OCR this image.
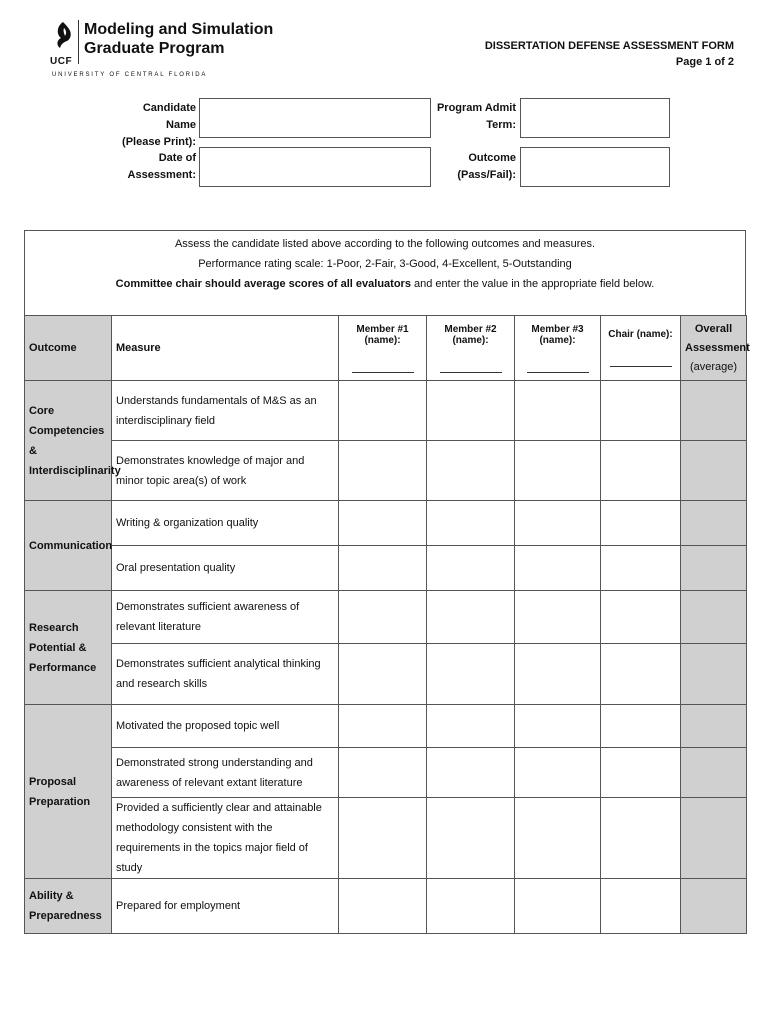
UCF
Modeling and Simulation
Graduate Program
UNIVERSITY OF CENTRAL FLORIDA
DISSERTATION DEFENSE ASSESSMENT FORM
Page 1 of 2
Candidate Name
(Please Print):
Program Admit
Term:
Date of
Assessment:
Outcome
(Pass/Fail):
Assess the candidate listed above according to the following outcomes and measures.
Performance rating scale: 1-Poor, 2-Fair, 3-Good, 4-Excellent, 5-Outstanding
Committee chair should average scores of all evaluators and enter the value in the appropriate field below.
Outcome	Measure	Member #1 (name):	Member #2 (name):	Member #3 (name):	Chair (name):	Overall
Assessment
(average)

Core Competencies & Interdisciplinarity	Understands fundamentals of M&S as an interdisciplinary field					
	Demonstrates knowledge of major and minor topic area(s) of work					
Communication	Writing & organization quality					
	Oral presentation quality					
Research Potential & Performance	Demonstrates sufficient awareness of relevant literature					
	Demonstrates sufficient analytical thinking and research skills					
Proposal Preparation	Motivated the proposed topic well					
	Demonstrated strong understanding and awareness of relevant extant literature					
	Provided a sufficiently clear and attainable methodology consistent with the requirements in the topics major field of study					
Ability & Preparedness	Prepared for employment					
